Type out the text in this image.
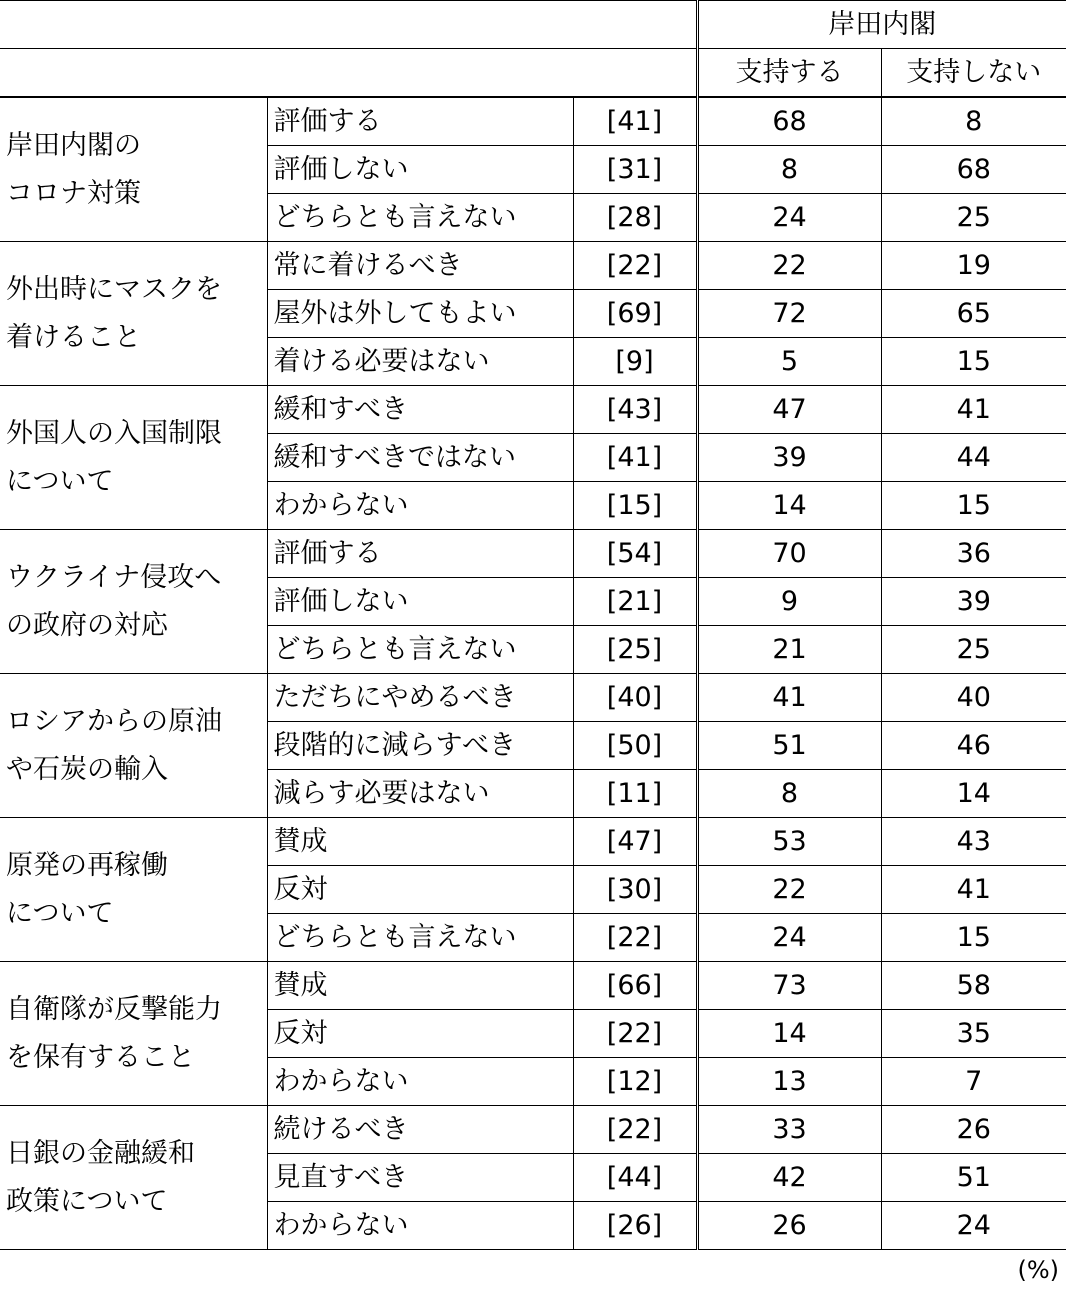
			岸田内閣	
			支持する	支持しない

岸田内閣の
コロナ対策	評価する	[41]	68	8
	評価しない	[31]	8	68
	どちらとも言えない	[28]	24	25

外出時にマスクを
着けること	常に着けるべき	[22]	22	19
	屋外は外してもよい	[69]	72	65
	着ける必要はない	[9]	5	15

外国人の入国制限
について	緩和すべき	[43]	47	41
	緩和すべきではない	[41]	39	44
	わからない	[15]	14	15

ウクライナ侵攻へ
の政府の対応	評価する	[54]	70	36
	評価しない	[21]	9	39
	どちらとも言えない	[25]	21	25

ロシアからの原油
や石炭の輸入	ただちにやめるべき	[40]	41	40
	段階的に減らすべき	[50]	51	46
	減らす必要はない	[11]	8	14

原発の再稼働
について	賛成	[47]	53	43
	反対	[30]	22	41
	どちらとも言えない	[22]	24	15

自衛隊が反撃能力
を保有すること	賛成	[66]	73	58
	反対	[22]	14	35
	わからない	[12]	13	7

日銀の金融緩和
政策について	続けるべき	[22]	33	26
	見直すべき	[44]	42	51
	わからない	[26]	26	24
(%)
